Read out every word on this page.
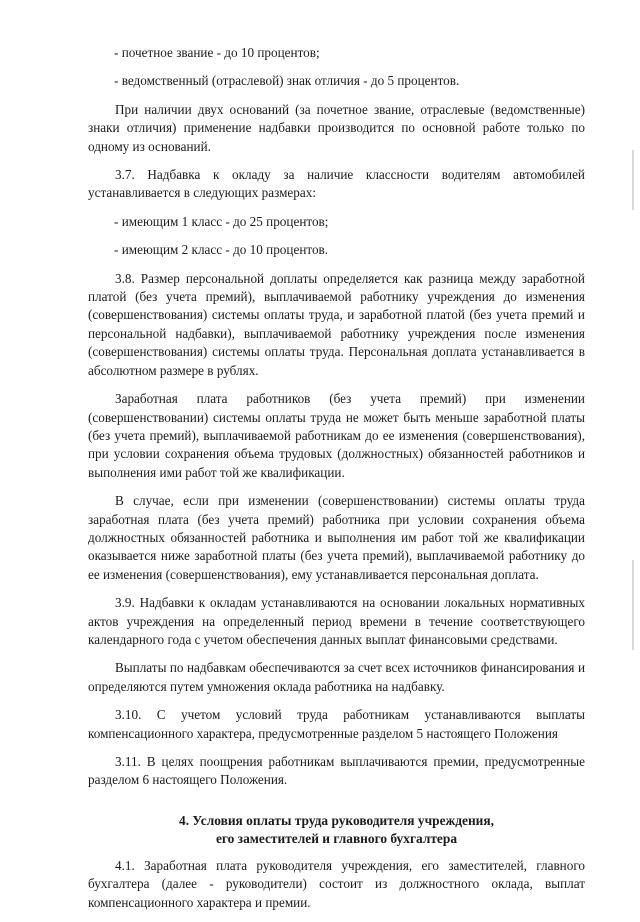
- почетное звание - до 10 процентов;

- ведомственный (отраслевой) знак отличия - до 5 процентов.

При наличии двух оснований (за почетное звание, отраслевые (ведомственные) знаки отличия) применение надбавки производится по основной работе только по одному из оснований.

3.7. Надбавка к окладу за наличие классности водителям автомобилей устанавливается в следующих размерах:

- имеющим 1 класс - до 25 процентов;

- имеющим 2 класс - до 10 процентов.

3.8. Размер персональной доплаты определяется как разница между заработной платой (без учета премий), выплачиваемой работнику учреждения до изменения (совершенствования) системы оплаты труда, и заработной платой (без учета премий и персональной надбавки), выплачиваемой работнику учреждения после изменения (совершенствования) системы оплаты труда. Персональная доплата устанавливается в абсолютном размере в рублях.

Заработная плата работников (без учета премий) при изменении (совершенствовании) системы оплаты труда не может быть меньше заработной платы (без учета премий), выплачиваемой работникам до ее изменения (совершенствования), при условии сохранения объема трудовых (должностных) обязанностей работников и выполнения ими работ той же квалификации.

В случае, если при изменении (совершенствовании) системы оплаты труда заработная плата (без учета премий) работника при условии сохранения объема должностных обязанностей работника и выполнения им работ той же квалификации оказывается ниже заработной платы (без учета премий), выплачиваемой работнику до ее изменения (совершенствования), ему устанавливается персональная доплата.

3.9. Надбавки к окладам устанавливаются на основании локальных нормативных актов учреждения на определенный период времени в течение соответствующего календарного года с учетом обеспечения данных выплат финансовыми средствами.

Выплаты по надбавкам обеспечиваются за счет всех источников финансирования и определяются путем умножения оклада работника на надбавку.

3.10. С учетом условий труда работникам устанавливаются выплаты компенсационного характера, предусмотренные разделом 5 настоящего Положения

3.11. В целях поощрения работникам выплачиваются премии, предусмотренные разделом 6 настоящего Положения.

4. Условия оплаты труда руководителя учреждения,
его заместителей и главного бухгалтера

4.1. Заработная плата руководителя учреждения, его заместителей, главного бухгалтера (далее - руководители) состоит из должностного оклада, выплат компенсационного характера и премии.
